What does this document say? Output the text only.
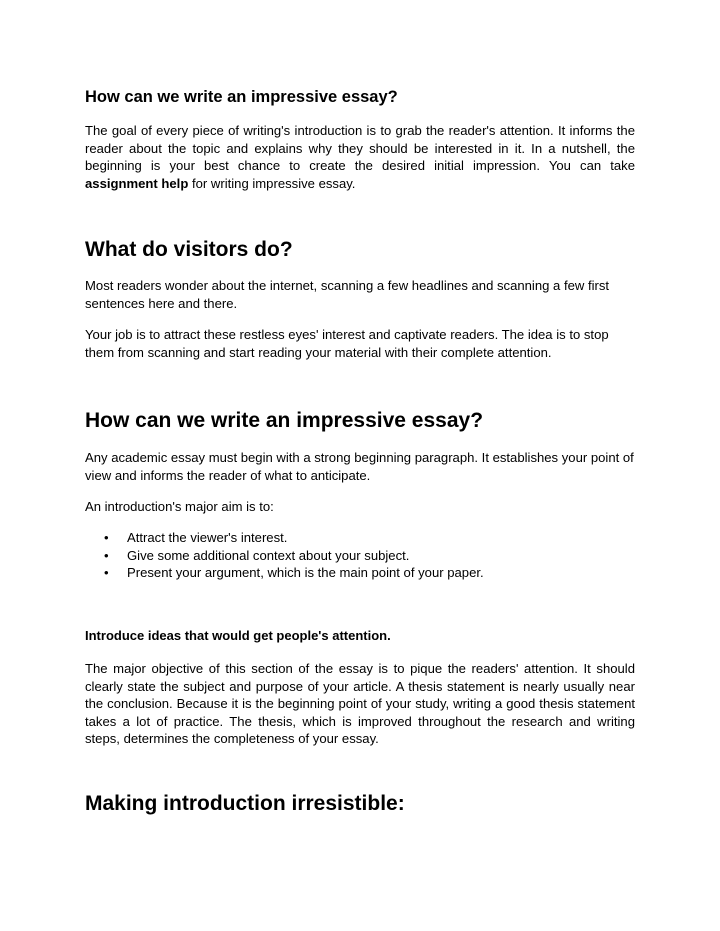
How can we write an impressive essay?

The goal of every piece of writing's introduction is to grab the reader's attention. It informs the reader about the topic and explains why they should be interested in it. In a nutshell, the beginning is your best chance to create the desired initial impression. You can take assignment help for writing impressive essay.

What do visitors do?

Most readers wonder about the internet, scanning a few headlines and scanning a few first sentences here and there.

Your job is to attract these restless eyes' interest and captivate readers. The idea is to stop them from scanning and start reading your material with their complete attention.

How can we write an impressive essay?

Any academic essay must begin with a strong beginning paragraph. It establishes your point of view and informs the reader of what to anticipate.

An introduction's major aim is to:

• Attract the viewer's interest.
• Give some additional context about your subject.
• Present your argument, which is the main point of your paper.
Introduce ideas that would get people's attention.

The major objective of this section of the essay is to pique the readers' attention. It should clearly state the subject and purpose of your article. A thesis statement is nearly usually near the conclusion. Because it is the beginning point of your study, writing a good thesis statement takes a lot of practice. The thesis, which is improved throughout the research and writing steps, determines the completeness of your essay.

Making introduction irresistible:
